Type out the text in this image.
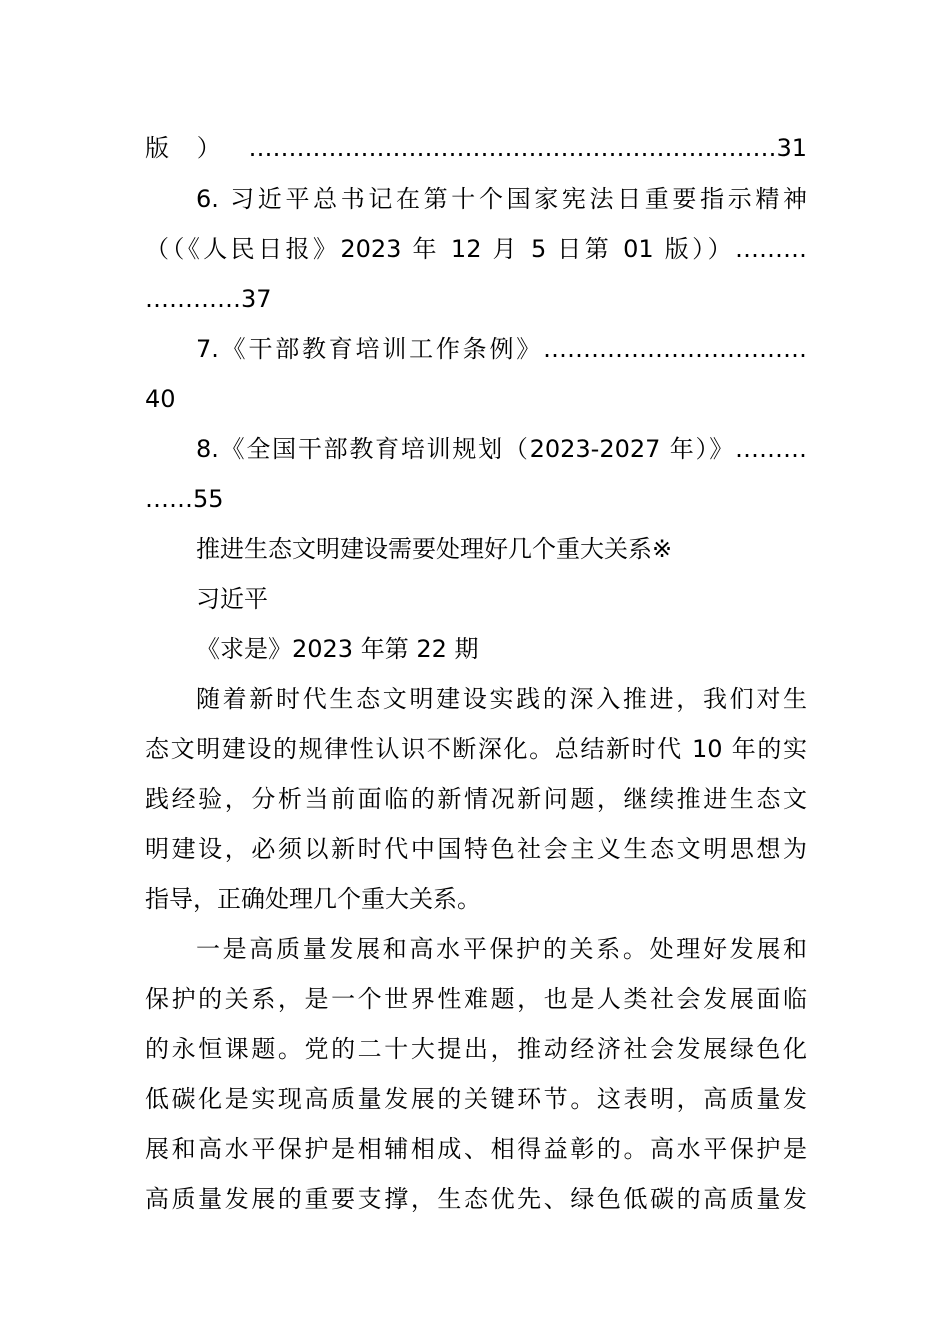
版）…………………………………………………………31
6. 习近平总书记在第十个国家宪法日重要指示精神
（（《人民日报》2023 年 12 月 5 日第 01 版））………
…………37
7.《干部教育培训工作条例》……………………………
40
8.《全国干部教育培训规划（2023-2027 年）》………
……55
推进生态文明建设需要处理好几个重大关系※
习近平
《求是》2023 年第 22 期
随着新时代生态文明建设实践的深入推进，我们对生
态文明建设的规律性认识不断深化。总结新时代 10 年的实
践经验，分析当前面临的新情况新问题，继续推进生态文
明建设，必须以新时代中国特色社会主义生态文明思想为
指导，正确处理几个重大关系。
一是高质量发展和高水平保护的关系。处理好发展和
保护的关系，是一个世界性难题，也是人类社会发展面临
的永恒课题。党的二十大提出，推动经济社会发展绿色化
低碳化是实现高质量发展的关键环节。这表明，高质量发
展和高水平保护是相辅相成、相得益彰的。高水平保护是
高质量发展的重要支撑，生态优先、绿色低碳的高质量发
